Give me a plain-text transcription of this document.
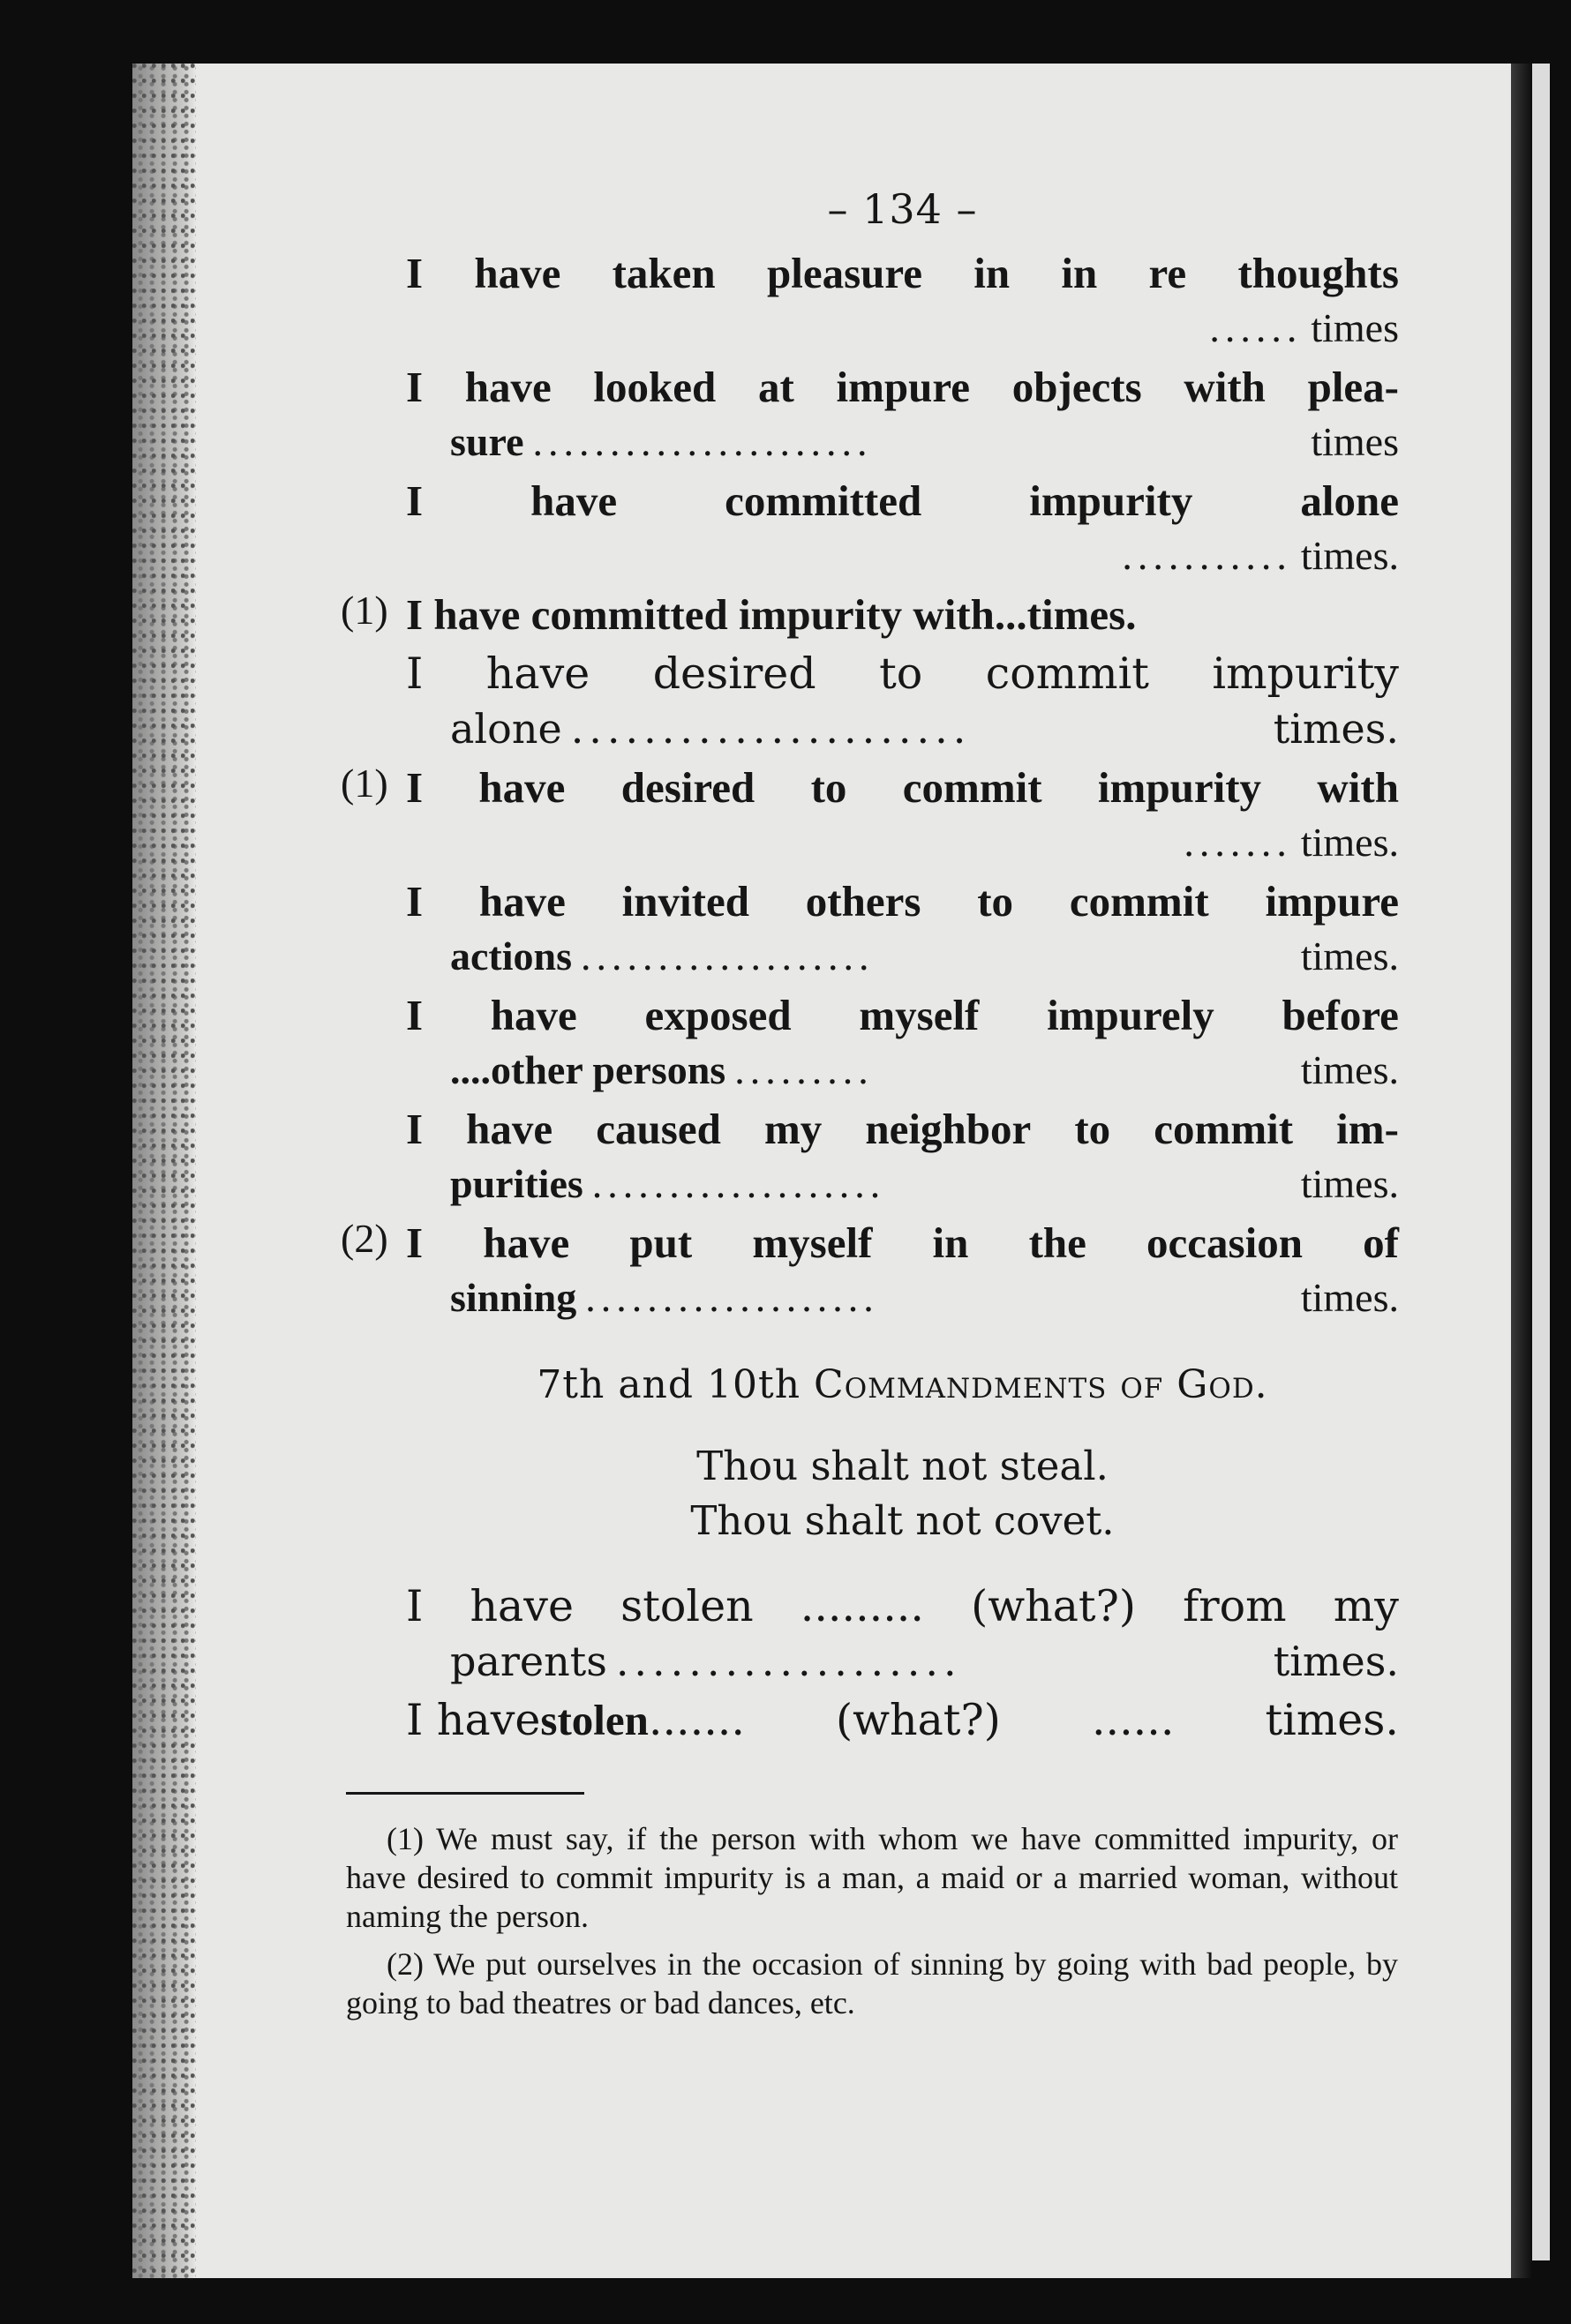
– 134 –
I have taken pleasure in in re thoughts
...... times
I have looked at impure objects with plea-
sure ......................	times
I have committed impurity alone
........... times.
(1) I have committed impurity with...times.
I have desired to commit impurity
alone ......................	times.
(1) I have desired to commit impurity with
....... times.
I have invited others to commit impure
actions ...................	times.
I have exposed myself impurely before
....other persons .........	times.
I have caused my neighbor to commit im-
purities ...................	times.
(2) I have put myself in the occasion of
sinning ...................	times.
7th and 10th Commandments of God.
Thou shalt not steal.
Thou shalt not covet.
I have stolen ......... (what?) from my
parents ...................	times.
I havestolen....... (what?) ...... times.
(1) We must say, if the person with whom we have committed impurity, or have desired to commit impurity is a man, a maid or a married woman, without naming the person.
(2) We put ourselves in the occasion of sinning by going with bad people, by going to bad theatres or bad dances, etc.
